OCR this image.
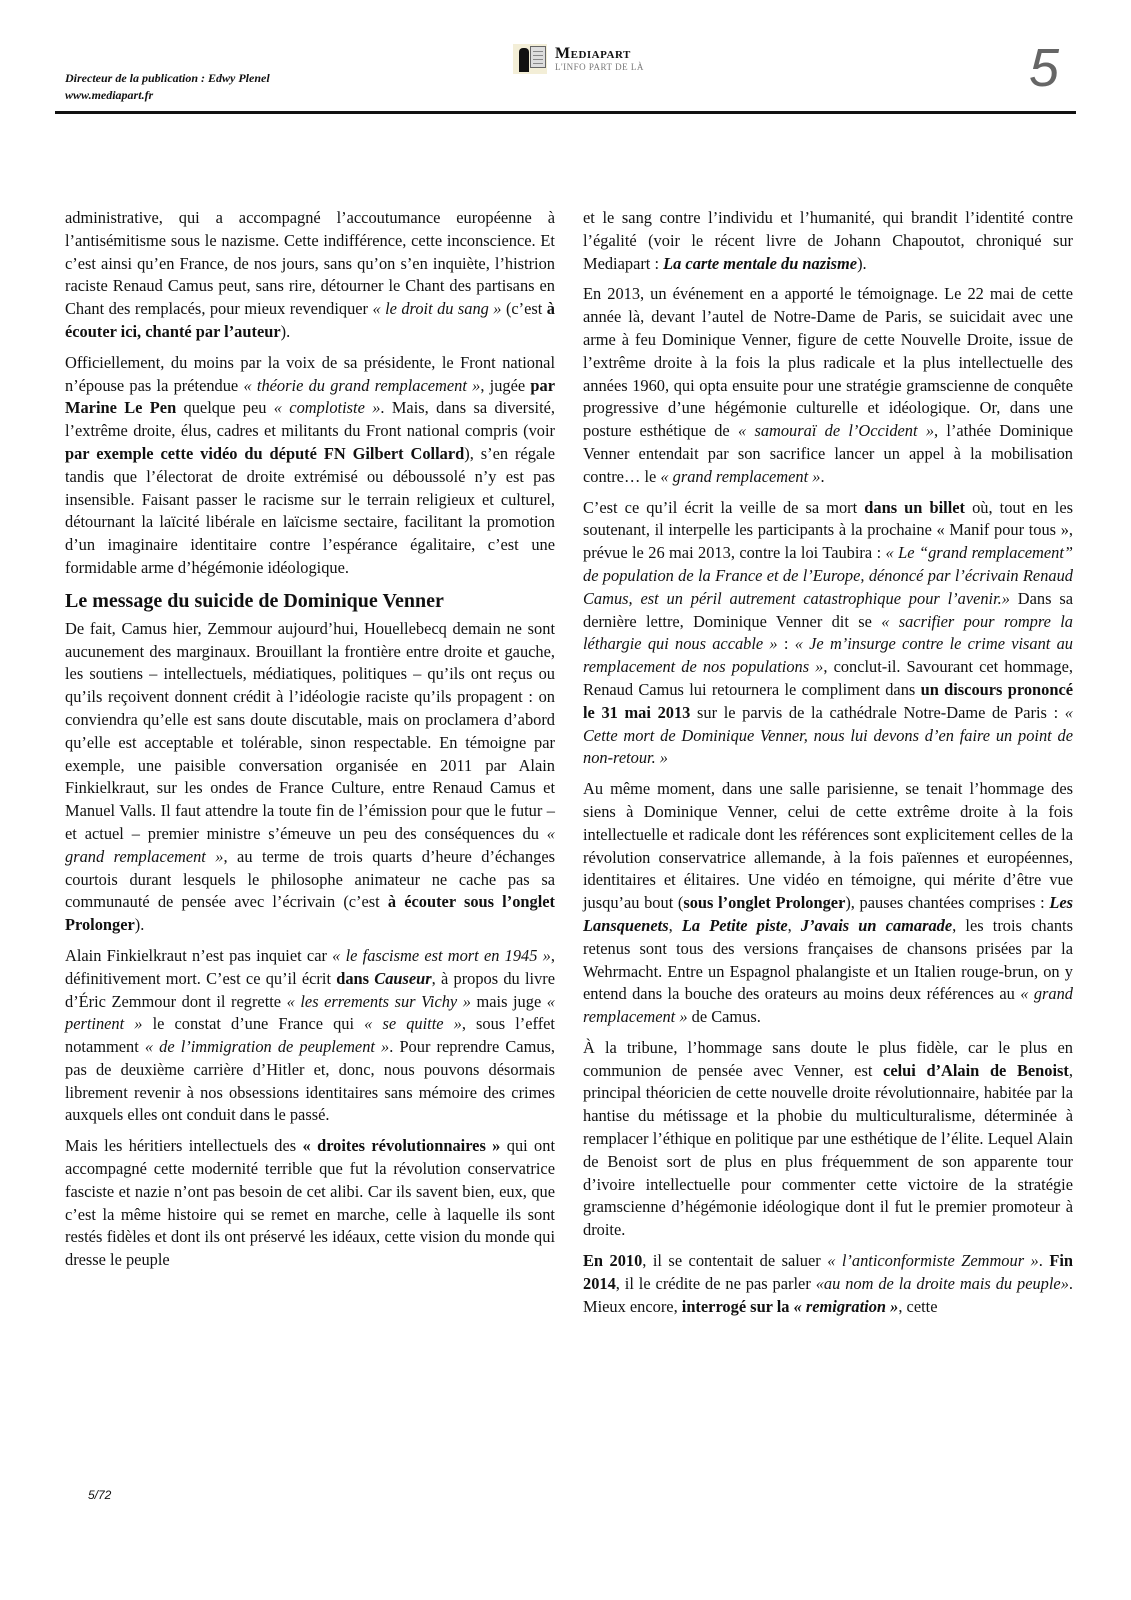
Directeur de la publication : Edwy Plenel
www.mediapart.fr
Mediapart
L'INFO PART DE LÀ	5

administrative, qui a accompagné l’accoutumance européenne à l’antisémitisme sous le nazisme. Cette indifférence, cette inconscience. Et c’est ainsi qu’en France, de nos jours, sans qu’on s’en inquiète, l’histrion raciste Renaud Camus peut, sans rire, détourner le Chant des partisans en Chant des remplacés, pour mieux revendiquer « le droit du sang » (c’est à écouter ici, chanté par l’auteur).

Officiellement, du moins par la voix de sa présidente, le Front national n’épouse pas la prétendue « théorie du grand remplacement », jugée par Marine Le Pen quelque peu « complotiste ». Mais, dans sa diversité, l’extrême droite, élus, cadres et militants du Front national compris (voir par exemple cette vidéo du député FN Gilbert Collard), s’en régale tandis que l’électorat de droite extrémisé ou déboussolé n’y est pas insensible. Faisant passer le racisme sur le terrain religieux et culturel, détournant la laïcité libérale en laïcisme sectaire, facilitant la promotion d’un imaginaire identitaire contre l’espérance égalitaire, c’est une formidable arme d’hégémonie idéologique.

Le message du suicide de Dominique Venner

De fait, Camus hier, Zemmour aujourd’hui, Houellebecq demain ne sont aucunement des marginaux. Brouillant la frontière entre droite et gauche, les soutiens – intellectuels, médiatiques, politiques – qu’ils ont reçus ou qu’ils reçoivent donnent crédit à l’idéologie raciste qu’ils propagent : on conviendra qu’elle est sans doute discutable, mais on proclamera d’abord qu’elle est acceptable et tolérable, sinon respectable. En témoigne par exemple, une paisible conversation organisée en 2011 par Alain Finkielkraut, sur les ondes de France Culture, entre Renaud Camus et Manuel Valls. Il faut attendre la toute fin de l’émission pour que le futur – et actuel – premier ministre s’émeuve un peu des conséquences du « grand remplacement », au terme de trois quarts d’heure d’échanges courtois durant lesquels le philosophe animateur ne cache pas sa communauté de pensée avec l’écrivain (c’est à écouter sous l’onglet Prolonger).

Alain Finkielkraut n’est pas inquiet car « le fascisme est mort en 1945 », définitivement mort. C’est ce qu’il écrit dans Causeur, à propos du livre d’Éric Zemmour dont il regrette « les errements sur Vichy » mais juge « pertinent » le constat d’une France qui « se quitte », sous l’effet notamment « de l’immigration de peuplement ». Pour reprendre Camus, pas de deuxième carrière d’Hitler et, donc, nous pouvons désormais librement revenir à nos obsessions identitaires sans mémoire des crimes auxquels elles ont conduit dans le passé.

Mais les héritiers intellectuels des « droites révolutionnaires » qui ont accompagné cette modernité terrible que fut la révolution conservatrice fasciste et nazie n’ont pas besoin de cet alibi. Car ils savent bien, eux, que c’est la même histoire qui se remet en marche, celle à laquelle ils sont restés fidèles et dont ils ont préservé les idéaux, cette vision du monde qui dresse le peuple

et le sang contre l’individu et l’humanité, qui brandit l’identité contre l’égalité (voir le récent livre de Johann Chapoutot, chroniqué sur Mediapart : La carte mentale du nazisme).

En 2013, un événement en a apporté le témoignage. Le 22 mai de cette année là, devant l’autel de Notre-Dame de Paris, se suicidait avec une arme à feu Dominique Venner, figure de cette Nouvelle Droite, issue de l’extrême droite à la fois la plus radicale et la plus intellectuelle des années 1960, qui opta ensuite pour une stratégie gramscienne de conquête progressive d’une hégémonie culturelle et idéologique. Or, dans une posture esthétique de « samouraï de l’Occident », l’athée Dominique Venner entendait par son sacrifice lancer un appel à la mobilisation contre… le « grand remplacement ».

C’est ce qu’il écrit la veille de sa mort dans un billet où, tout en les soutenant, il interpelle les participants à la prochaine « Manif pour tous », prévue le 26 mai 2013, contre la loi Taubira : « Le “grand remplacement” de population de la France et de l’Europe, dénoncé par l’écrivain Renaud Camus, est un péril autrement catastrophique pour l’avenir.» Dans sa dernière lettre, Dominique Venner dit se « sacrifier pour rompre la léthargie qui nous accable » : « Je m’insurge contre le crime visant au remplacement de nos populations », conclut-il. Savourant cet hommage, Renaud Camus lui retournera le compliment dans un discours prononcé le 31 mai 2013 sur le parvis de la cathédrale Notre-Dame de Paris : « Cette mort de Dominique Venner, nous lui devons d’en faire un point de non-retour. »

Au même moment, dans une salle parisienne, se tenait l’hommage des siens à Dominique Venner, celui de cette extrême droite à la fois intellectuelle et radicale dont les références sont explicitement celles de la révolution conservatrice allemande, à la fois païennes et européennes, identitaires et élitaires. Une vidéo en témoigne, qui mérite d’être vue jusqu’au bout (sous l’onglet Prolonger), pauses chantées comprises : Les Lansquenets, La Petite piste, J’avais un camarade, les trois chants retenus sont tous des versions françaises de chansons prisées par la Wehrmacht. Entre un Espagnol phalangiste et un Italien rouge-brun, on y entend dans la bouche des orateurs au moins deux références au « grand remplacement » de Camus.

À la tribune, l’hommage sans doute le plus fidèle, car le plus en communion de pensée avec Venner, est celui d’Alain de Benoist, principal théoricien de cette nouvelle droite révolutionnaire, habitée par la hantise du métissage et la phobie du multiculturalisme, déterminée à remplacer l’éthique en politique par une esthétique de l’élite. Lequel Alain de Benoist sort de plus en plus fréquemment de son apparente tour d’ivoire intellectuelle pour commenter cette victoire de la stratégie gramscienne d’hégémonie idéologique dont il fut le premier promoteur à droite.

En 2010, il se contentait de saluer « l’anticonformiste Zemmour ». Fin 2014, il le crédite de ne pas parler «au nom de la droite mais du peuple». Mieux encore, interrogé sur la « remigration », cette

5/72
